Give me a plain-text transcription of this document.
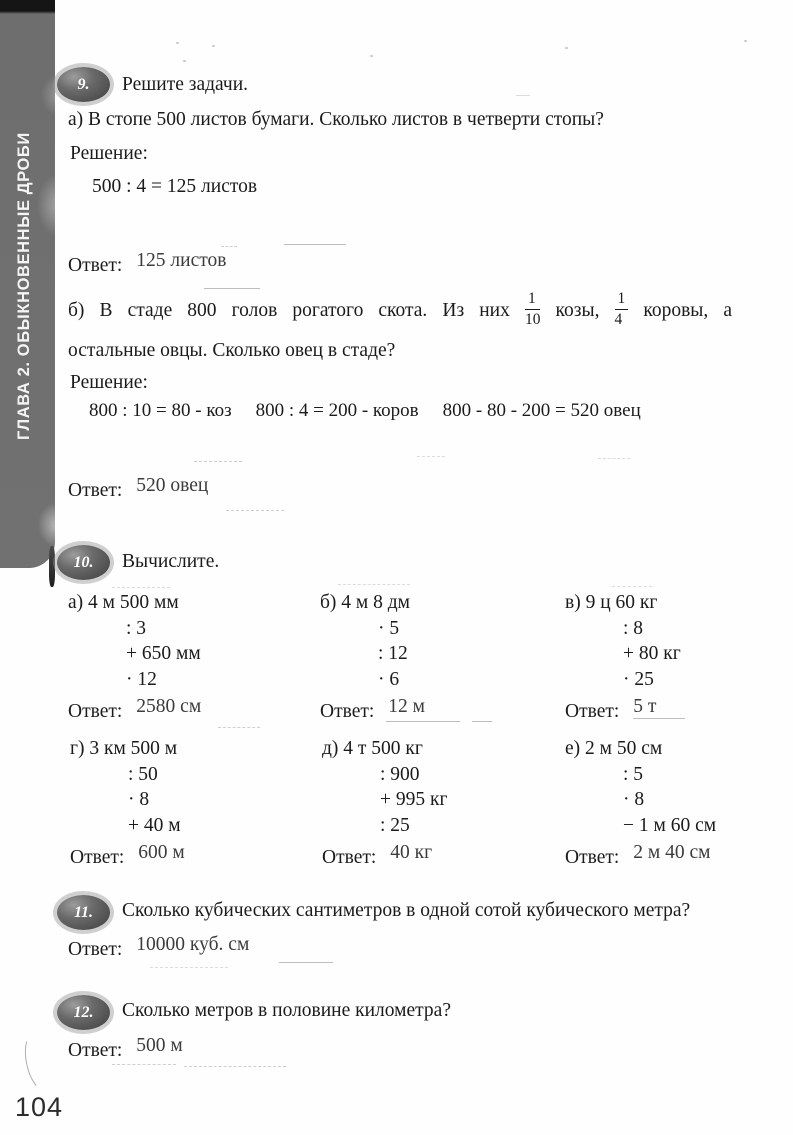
ГЛАВА 2. ОБЫКНОВЕННЫЕ ДРОБИ
9. Решите задачи.
а) В стопе 500 листов бумаги. Сколько листов в четверти стопы?
Решение:
500 : 4 = 125 листов
Ответ: 125 листов
б) В стаде 800 голов рогатого скота. Из них $\frac{1}{10}$ козы, $\frac{1}{4}$ коровы, а
остальные овцы. Сколько овец в стаде?
Решение:
800 : 10 = 80 - коз 800 : 4 = 200 - коров 800 - 80 - 200 = 520 овец
Ответ: 520 овец
10. Вычислите.
а) 4 м 500 мм
: 3
+ 650 мм
· 12
Ответ: 2580 см
б) 4 м 8 дм
· 5
: 12
· 6
Ответ: 12 м
в) 9 ц 60 кг
: 8
+ 80 кг
· 25
Ответ: 5 т
г) 3 км 500 м
: 50
· 8
+ 40 м
Ответ: 600 м
д) 4 т 500 кг
: 900
+ 995 кг
: 25
Ответ: 40 кг
е) 2 м 50 см
: 5
· 8
− 1 м 60 см
Ответ: 2 м 40 см
11. Сколько кубических сантиметров в одной сотой кубического метра?
Ответ: 10000 куб. см
12. Сколько метров в половине километра?
Ответ: 500 м
104
